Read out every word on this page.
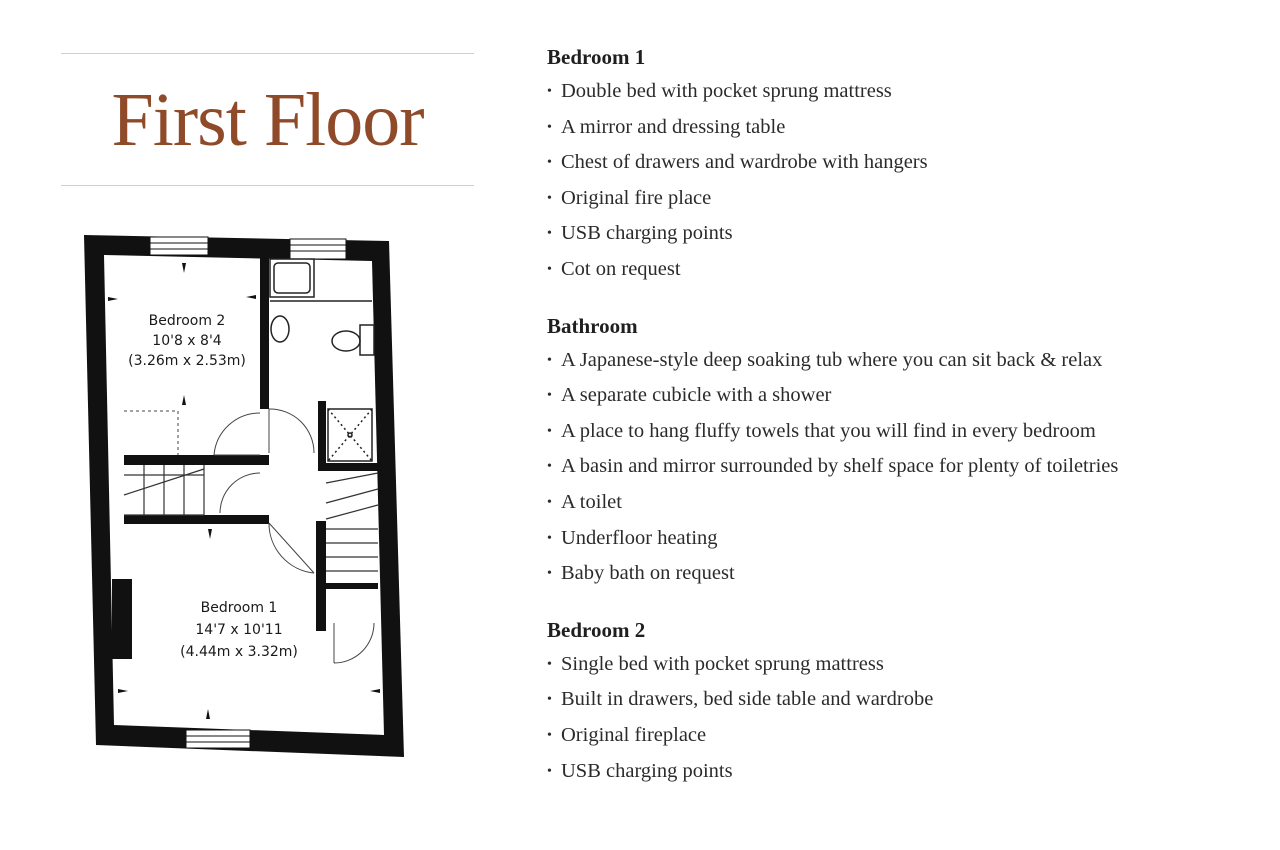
First Floor
Bedroom 2
10'8 x 8'4
(3.26m x 2.53m)
Bedroom 1
14'7 x 10'11
(4.44m x 3.32m)
Bedroom 1
• Double bed with pocket sprung mattress
• A mirror and dressing table
• Chest of drawers and wardrobe with hangers
• Original fire place
• USB charging points
• Cot on request
Bathroom
• A Japanese-style deep soaking tub where you can sit back & relax
• A separate cubicle with a shower
• A place to hang fluffy towels that you will find in every bedroom
• A basin and mirror surrounded by shelf space for plenty of toiletries
• A toilet
• Underfloor heating
• Baby bath on request
Bedroom 2
• Single bed with pocket sprung mattress
• Built in drawers, bed side table and wardrobe
• Original fireplace
• USB charging points
